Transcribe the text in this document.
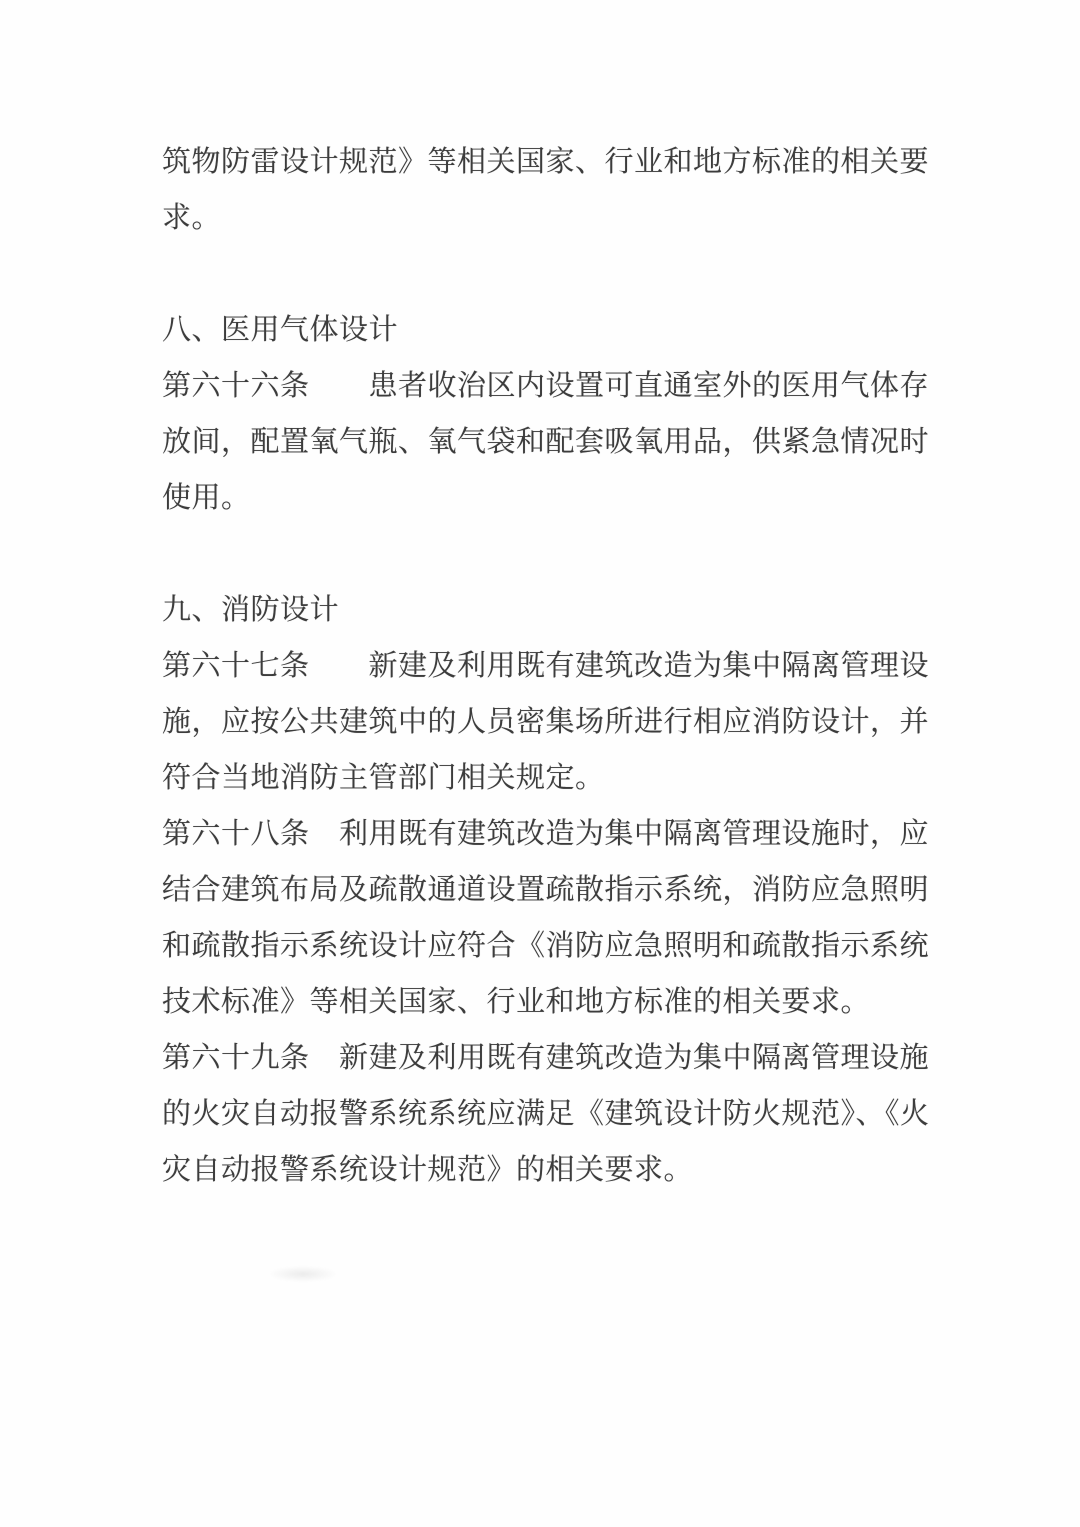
筑物防雷设计规范》等相关国家、行业和地方标准的相关要
求。
八、医用气体设计
第六十六条　　患者收治区内设置可直通室外的医用气体存
放间，配置氧气瓶、氧气袋和配套吸氧用品，供紧急情况时
使用。
九、消防设计
第六十七条　　新建及利用既有建筑改造为集中隔离管理设
施，应按公共建筑中的人员密集场所进行相应消防设计，并
符合当地消防主管部门相关规定。
第六十八条　利用既有建筑改造为集中隔离管理设施时，应
结合建筑布局及疏散通道设置疏散指示系统，消防应急照明
和疏散指示系统设计应符合《消防应急照明和疏散指示系统
技术标准》等相关国家、行业和地方标准的相关要求。
第六十九条　新建及利用既有建筑改造为集中隔离管理设施
的火灾自动报警系统系统应满足《建筑设计防火规范》、《火
灾自动报警系统设计规范》的相关要求。
